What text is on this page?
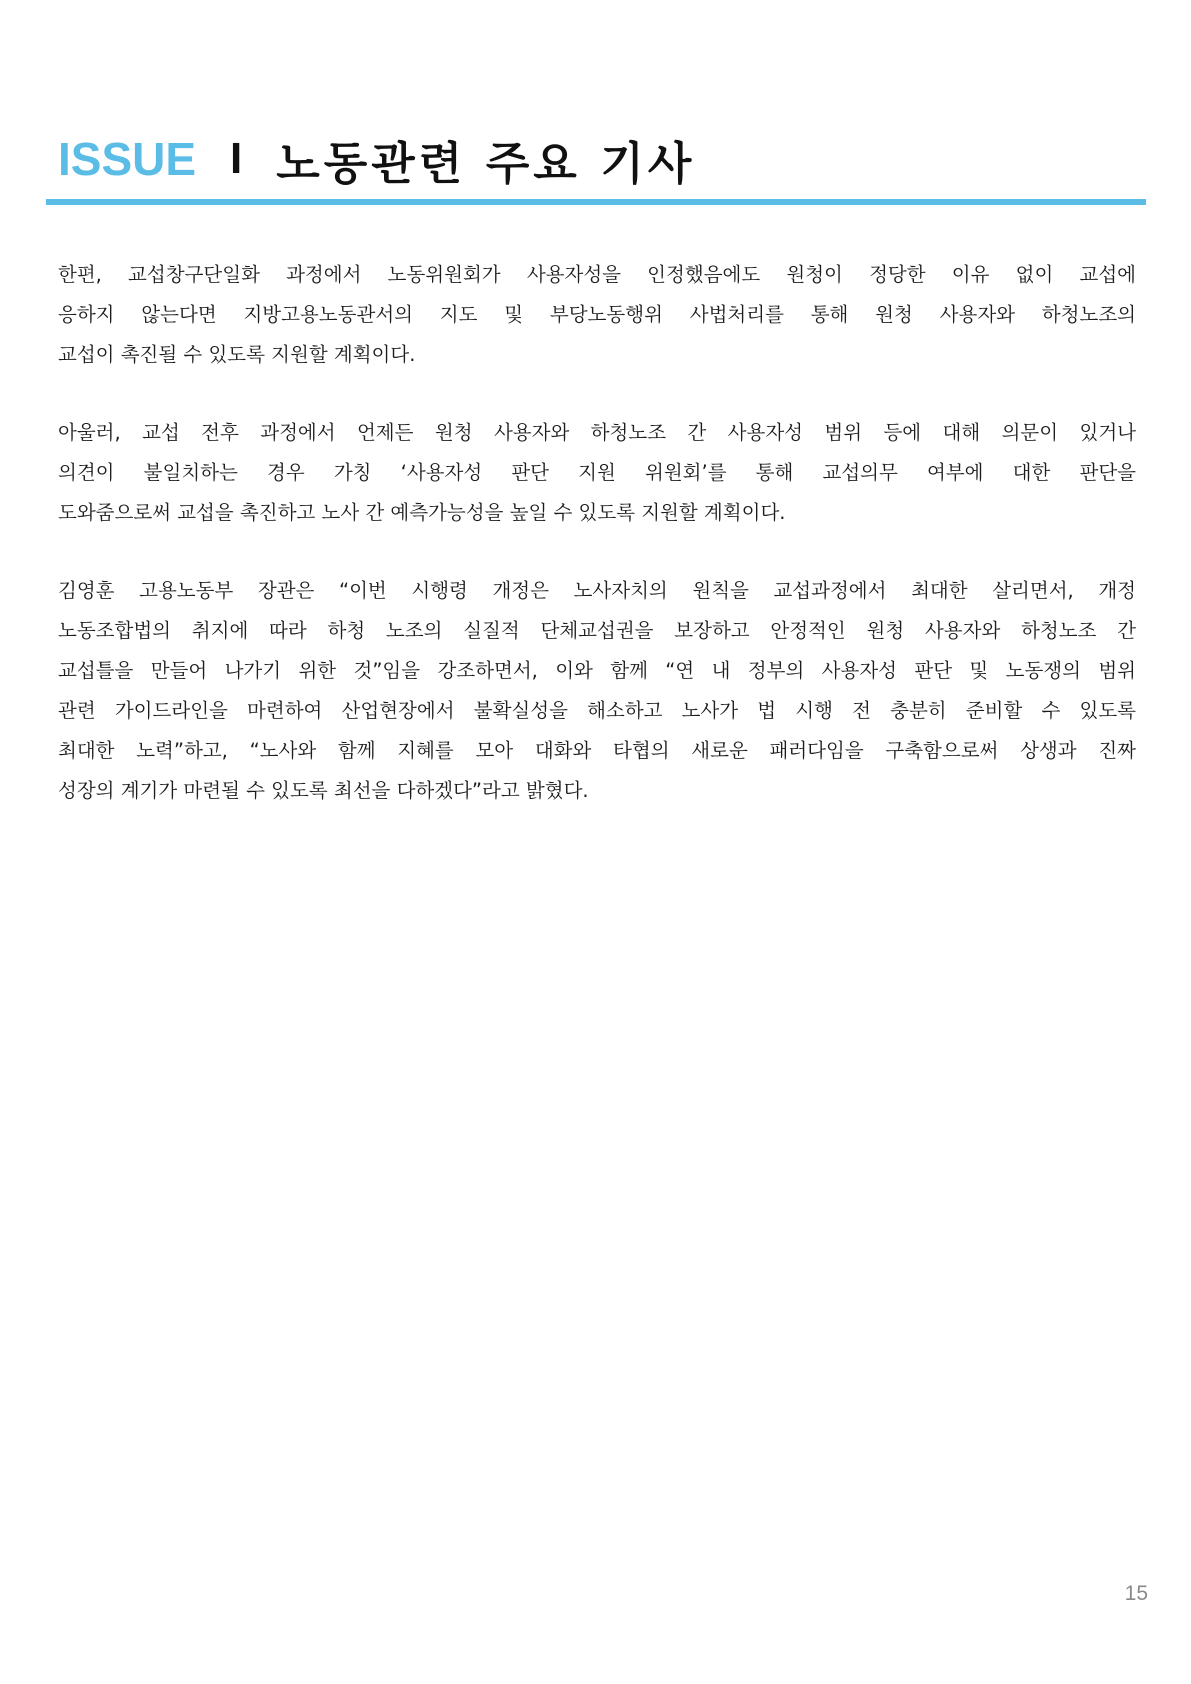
ISSUE I 노동관련 주요 기사
한편, 교섭창구단일화 과정에서 노동위원회가 사용자성을 인정했음에도 원청이 정당한 이유 없이 교섭에
응하지 않는다면 지방고용노동관서의 지도 및 부당노동행위 사법처리를 통해 원청 사용자와 하청노조의
교섭이 촉진될 수 있도록 지원할 계획이다.
아울러, 교섭 전후 과정에서 언제든 원청 사용자와 하청노조 간 사용자성 범위 등에 대해 의문이 있거나
의견이 불일치하는 경우 가칭 ‘사용자성 판단 지원 위원회’를 통해 교섭의무 여부에 대한 판단을
도와줌으로써 교섭을 촉진하고 노사 간 예측가능성을 높일 수 있도록 지원할 계획이다.
김영훈 고용노동부 장관은 “이번 시행령 개정은 노사자치의 원칙을 교섭과정에서 최대한 살리면서, 개정
노동조합법의 취지에 따라 하청 노조의 실질적 단체교섭권을 보장하고 안정적인 원청 사용자와 하청노조 간
교섭틀을 만들어 나가기 위한 것”임을 강조하면서, 이와 함께 “연 내 정부의 사용자성 판단 및 노동쟁의 범위
관련 가이드라인을 마련하여 산업현장에서 불확실성을 해소하고 노사가 법 시행 전 충분히 준비할 수 있도록
최대한 노력”하고, “노사와 함께 지혜를 모아 대화와 타협의 새로운 패러다임을 구축함으로써 상생과 진짜
성장의 계기가 마련될 수 있도록 최선을 다하겠다”라고 밝혔다.
15
